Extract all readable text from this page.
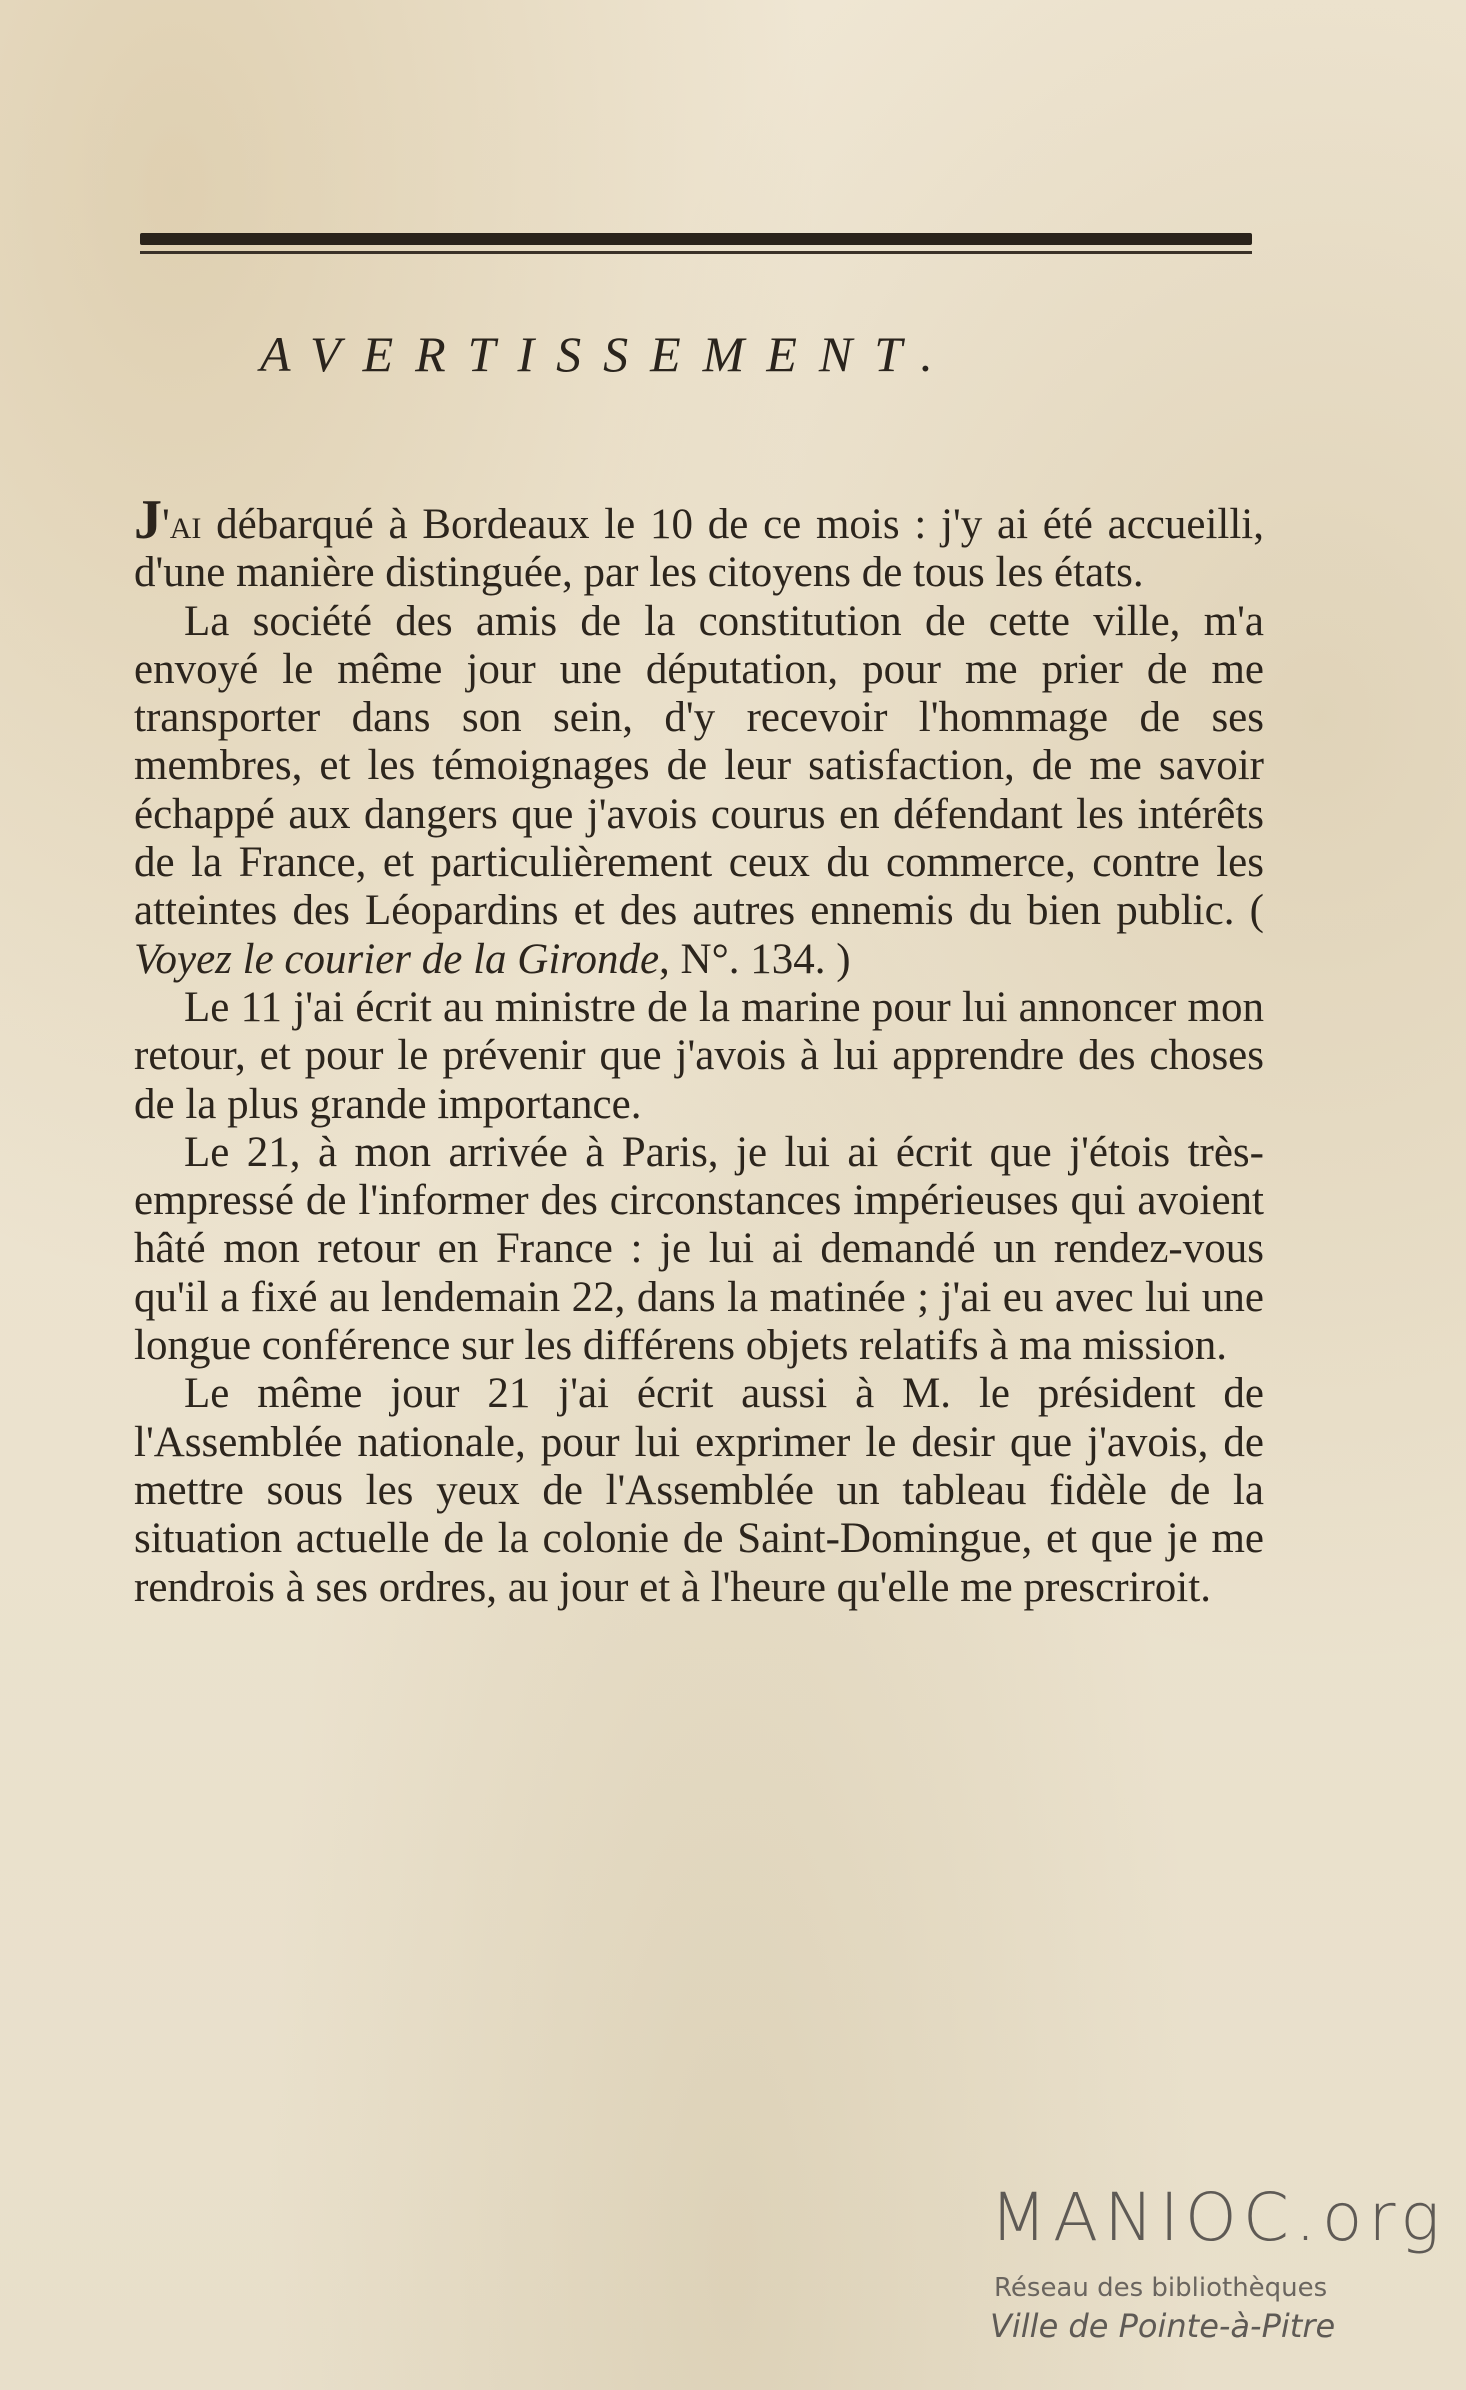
AVERTISSEMENT.

J'ai débarqué à Bordeaux le 10 de ce mois : j'y ai été accueilli, d'une manière distinguée, par les citoyens de tous les états.

La société des amis de la constitution de cette ville, m'a envoyé le même jour une députation, pour me prier de me transporter dans son sein, d'y recevoir l'hommage de ses membres, et les témoignages de leur satisfaction, de me savoir échappé aux dangers que j'avois courus en défendant les intérêts de la France, et particulièrement ceux du commerce, contre les atteintes des Léopardins et des autres ennemis du bien public. ( Voyez le courier de la Gironde, N°. 134. )

Le 11 j'ai écrit au ministre de la marine pour lui annoncer mon retour, et pour le prévenir que j'avois à lui apprendre des choses de la plus grande importance.

Le 21, à mon arrivée à Paris, je lui ai écrit que j'étois très-empressé de l'informer des circonstances impérieuses qui avoient hâté mon retour en France : je lui ai demandé un rendez-vous qu'il a fixé au lendemain 22, dans la matinée ; j'ai eu avec lui une longue conférence sur les différens objets relatifs à ma mission.

Le même jour 21 j'ai écrit aussi à M. le président de l'Assemblée nationale, pour lui exprimer le desir que j'avois, de mettre sous les yeux de l'Assemblée un tableau fidèle de la situation actuelle de la colonie de Saint-Domingue, et que je me rendrois à ses ordres, au jour et à l'heure qu'elle me prescriroit.

MANIOC.org
Réseau des bibliothèques
Ville de Pointe-à-Pitre
